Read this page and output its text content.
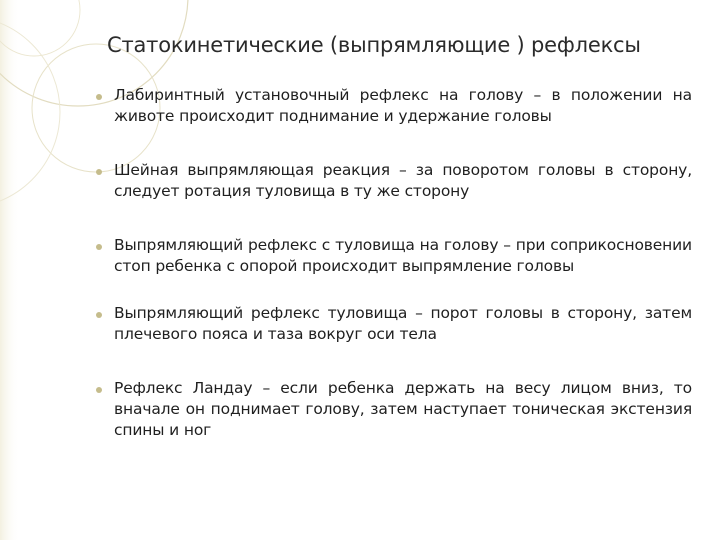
Статокинетические (выпрямляющие ) рефлексы
Лабиринтный установочный рефлекс на голову – в положении на животе происходит поднимание и удержание головы
Шейная выпрямляющая реакция – за поворотом головы в сторону, следует ротация туловища в ту же сторону
Выпрямляющий рефлекс с туловища на голову – при соприкосновении стоп ребенка с опорой происходит выпрямление головы
Выпрямляющий рефлекс туловища – порот головы в сторону, затем плечевого пояса и таза вокруг оси тела
Рефлекс Ландау – если ребенка держать на весу лицом вниз, то вначале он поднимает голову, затем наступает тоническая экстензия спины и ног
